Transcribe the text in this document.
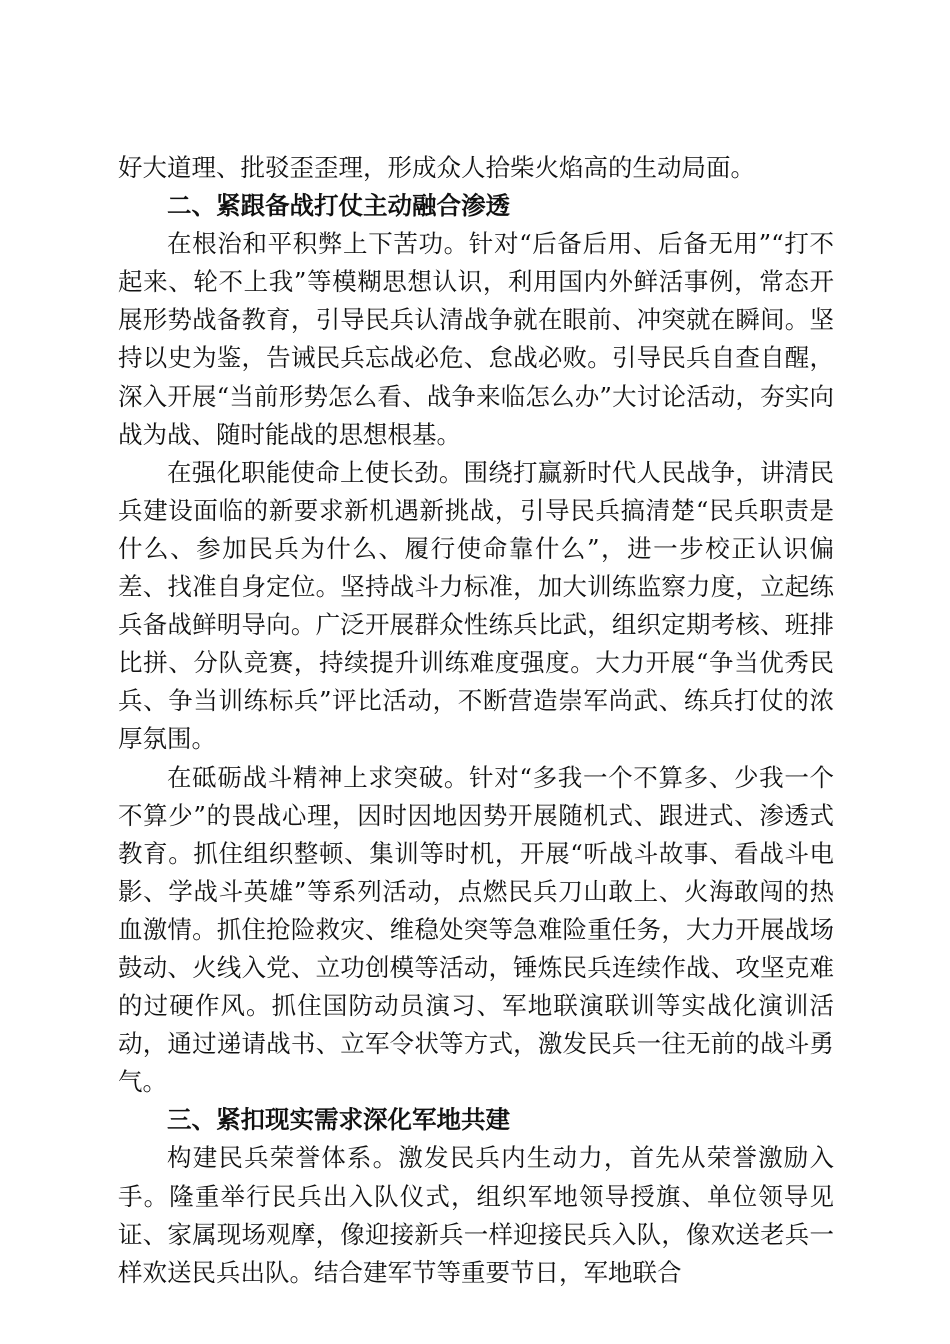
好大道理、批驳歪歪理，形成众人拾柴火焰高的生动局面。

二、紧跟备战打仗主动融合渗透

在根治和平积弊上下苦功。针对“后备后用、后备无用”“打不起来、轮不上我”等模糊思想认识，利用国内外鲜活事例，常态开展形势战备教育，引导民兵认清战争就在眼前、冲突就在瞬间。坚持以史为鉴，告诫民兵忘战必危、怠战必败。引导民兵自查自醒，深入开展“当前形势怎么看、战争来临怎么办”大讨论活动，夯实向战为战、随时能战的思想根基。

在强化职能使命上使长劲。围绕打赢新时代人民战争，讲清民兵建设面临的新要求新机遇新挑战，引导民兵搞清楚“民兵职责是什么、参加民兵为什么、履行使命靠什么”，进一步校正认识偏差、找准自身定位。坚持战斗力标准，加大训练监察力度，立起练兵备战鲜明导向。广泛开展群众性练兵比武，组织定期考核、班排比拼、分队竞赛，持续提升训练难度强度。大力开展“争当优秀民兵、争当训练标兵”评比活动，不断营造崇军尚武、练兵打仗的浓厚氛围。

在砥砺战斗精神上求突破。针对“多我一个不算多、少我一个不算少”的畏战心理，因时因地因势开展随机式、跟进式、渗透式教育。抓住组织整顿、集训等时机，开展“听战斗故事、看战斗电影、学战斗英雄”等系列活动，点燃民兵刀山敢上、火海敢闯的热血激情。抓住抢险救灾、维稳处突等急难险重任务，大力开展战场鼓动、火线入党、立功创模等活动，锤炼民兵连续作战、攻坚克难的过硬作风。抓住国防动员演习、军地联演联训等实战化演训活动，通过递请战书、立军令状等方式，激发民兵一往无前的战斗勇气。

三、紧扣现实需求深化军地共建

构建民兵荣誉体系。激发民兵内生动力，首先从荣誉激励入手。隆重举行民兵出入队仪式，组织军地领导授旗、单位领导见证、家属现场观摩，像迎接新兵一样迎接民兵入队，像欢送老兵一样欢送民兵出队。结合建军节等重要节日，军地联合
